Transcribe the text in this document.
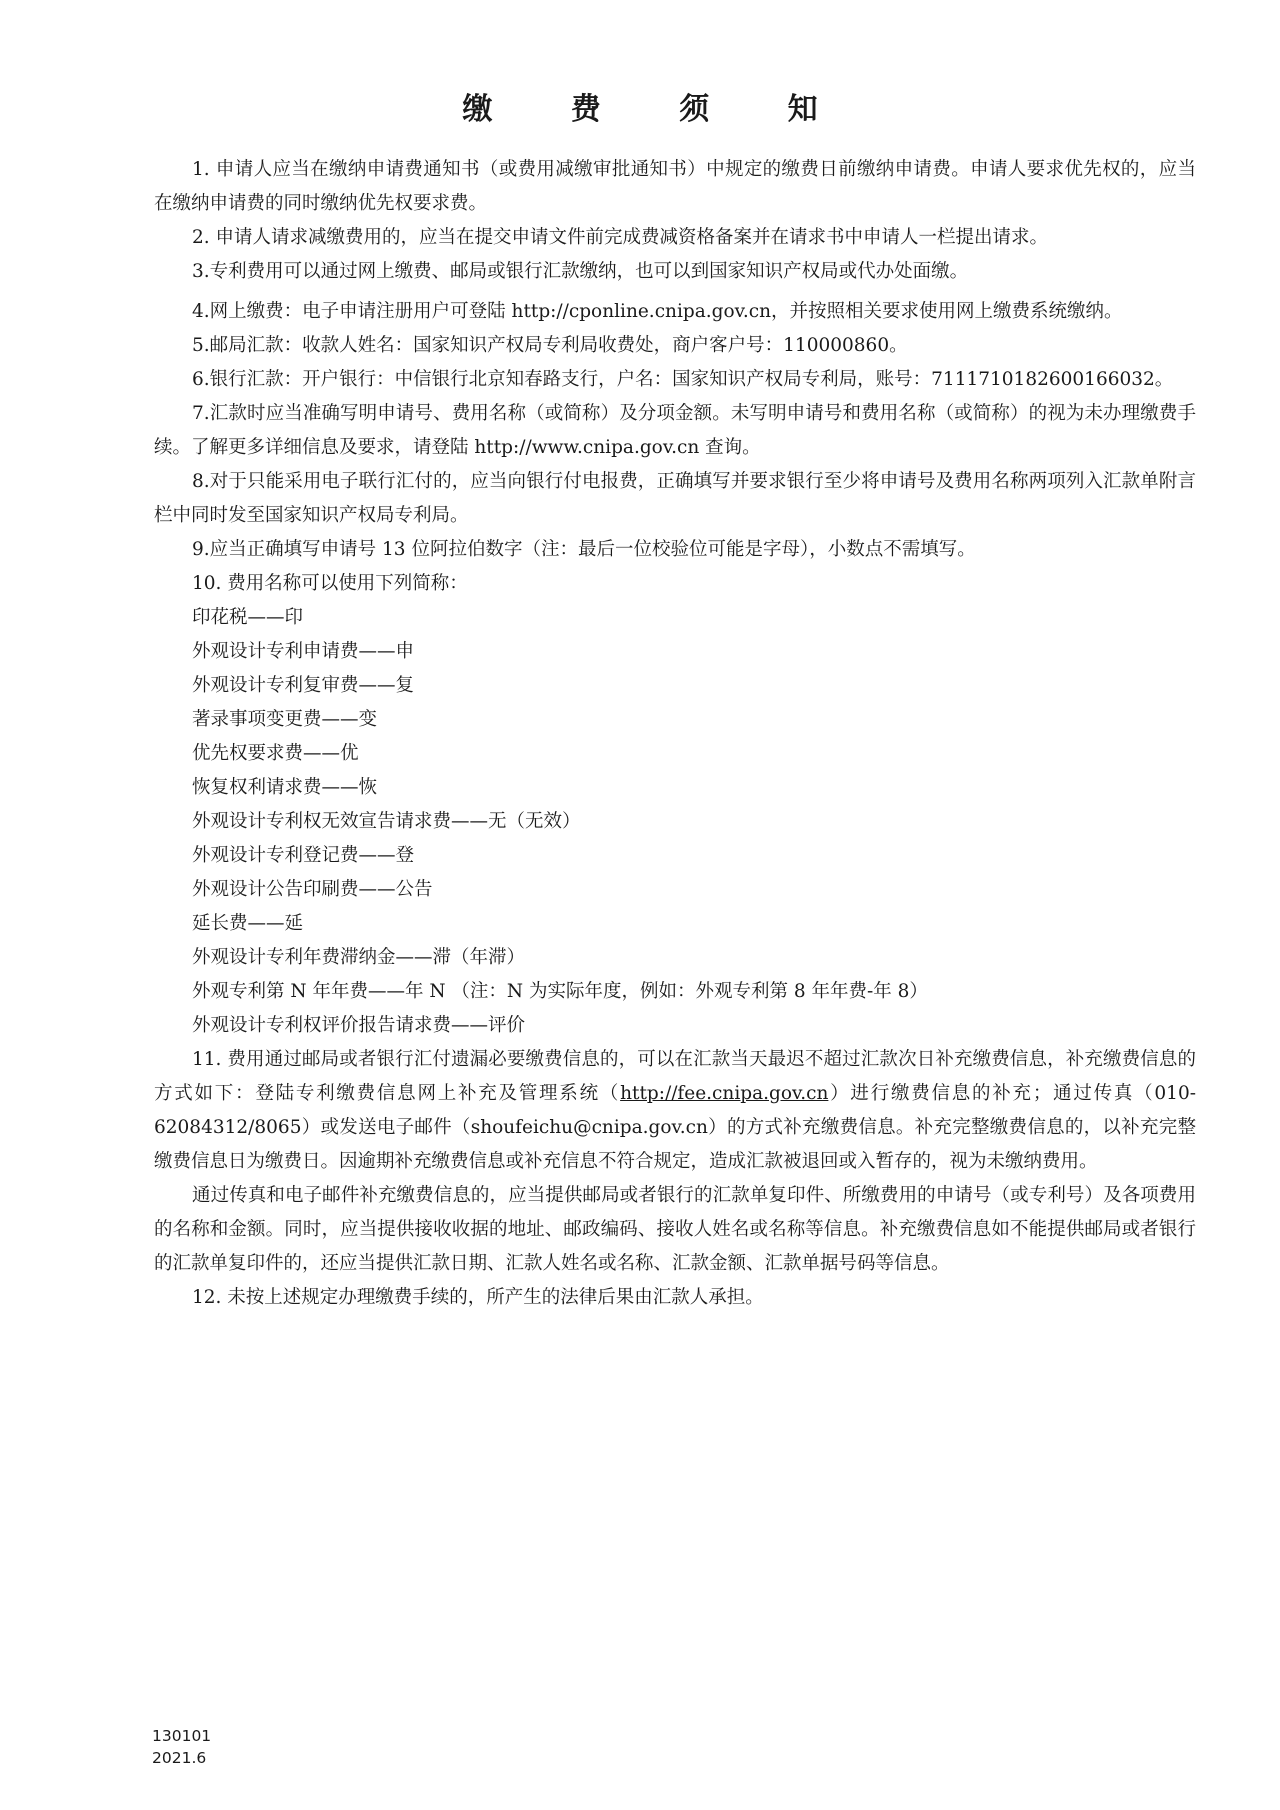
缴 费 须 知

1. 申请人应当在缴纳申请费通知书（或费用减缴审批通知书）中规定的缴费日前缴纳申请费。申请人要求优先权的，应当在缴纳申请费的同时缴纳优先权要求费。

2. 申请人请求减缴费用的，应当在提交申请文件前完成费减资格备案并在请求书中申请人一栏提出请求。

3.专利费用可以通过网上缴费、邮局或银行汇款缴纳，也可以到国家知识产权局或代办处面缴。

4.网上缴费：电子申请注册用户可登陆 http://cponline.cnipa.gov.cn，并按照相关要求使用网上缴费系统缴纳。

5.邮局汇款：收款人姓名：国家知识产权局专利局收费处，商户客户号：110000860。

6.银行汇款：开户银行：中信银行北京知春路支行，户名：国家知识产权局专利局，账号：7111710182600166032。

7.汇款时应当准确写明申请号、费用名称（或简称）及分项金额。未写明申请号和费用名称（或简称）的视为未办理缴费手续。了解更多详细信息及要求，请登陆 http://www.cnipa.gov.cn 查询。

8.对于只能采用电子联行汇付的，应当向银行付电报费，正确填写并要求银行至少将申请号及费用名称两项列入汇款单附言栏中同时发至国家知识产权局专利局。

9.应当正确填写申请号 13 位阿拉伯数字（注：最后一位校验位可能是字母），小数点不需填写。

10. 费用名称可以使用下列简称：

印花税——印

外观设计专利申请费——申

外观设计专利复审费——复

著录事项变更费——变

优先权要求费——优

恢复权利请求费——恢

外观设计专利权无效宣告请求费——无（无效）

外观设计专利登记费——登

外观设计公告印刷费——公告

延长费——延

外观设计专利年费滞纳金——滞（年滞）

外观专利第 N 年年费——年 N （注：N 为实际年度，例如：外观专利第 8 年年费-年 8）

外观设计专利权评价报告请求费——评价

11. 费用通过邮局或者银行汇付遗漏必要缴费信息的，可以在汇款当天最迟不超过汇款次日补充缴费信息，补充缴费信息的方式如下：登陆专利缴费信息网上补充及管理系统（http://fee.cnipa.gov.cn）进行缴费信息的补充；通过传真（010-62084312/8065）或发送电子邮件（shoufeichu@cnipa.gov.cn）的方式补充缴费信息。补充完整缴费信息的，以补充完整缴费信息日为缴费日。因逾期补充缴费信息或补充信息不符合规定，造成汇款被退回或入暂存的，视为未缴纳费用。

通过传真和电子邮件补充缴费信息的，应当提供邮局或者银行的汇款单复印件、所缴费用的申请号（或专利号）及各项费用的名称和金额。同时，应当提供接收收据的地址、邮政编码、接收人姓名或名称等信息。补充缴费信息如不能提供邮局或者银行的汇款单复印件的，还应当提供汇款日期、汇款人姓名或名称、汇款金额、汇款单据号码等信息。

12. 未按上述规定办理缴费手续的，所产生的法律后果由汇款人承担。

130101
2021.6
